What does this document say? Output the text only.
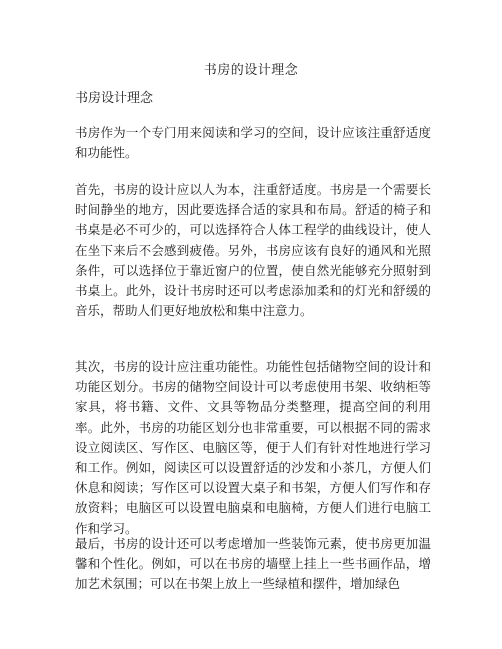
书房的设计理念
书房设计理念

书房作为一个专门用来阅读和学习的空间，设计应该注重舒适度和功能性。

首先，书房的设计应以人为本，注重舒适度。书房是一个需要长时间静坐的地方，因此要选择合适的家具和布局。舒适的椅子和书桌是必不可少的，可以选择符合人体工程学的曲线设计，使人在坐下来后不会感到疲倦。另外，书房应该有良好的通风和光照条件，可以选择位于靠近窗户的位置，使自然光能够充分照射到书桌上。此外，设计书房时还可以考虑添加柔和的灯光和舒缓的音乐，帮助人们更好地放松和集中注意力。

其次，书房的设计应注重功能性。功能性包括储物空间的设计和功能区划分。书房的储物空间设计可以考虑使用书架、收纳柜等家具，将书籍、文件、文具等物品分类整理，提高空间的利用率。此外，书房的功能区划分也非常重要，可以根据不同的需求设立阅读区、写作区、电脑区等，便于人们有针对性地进行学习和工作。例如，阅读区可以设置舒适的沙发和小茶几，方便人们休息和阅读；写作区可以设置大桌子和书架，方便人们写作和存放资料；电脑区可以设置电脑桌和电脑椅，方便人们进行电脑工作和学习。

最后，书房的设计还可以考虑增加一些装饰元素，使书房更加温馨和个性化。例如，可以在书房的墙壁上挂上一些书画作品，增加艺术氛围；可以在书架上放上一些绿植和摆件，增加绿色
